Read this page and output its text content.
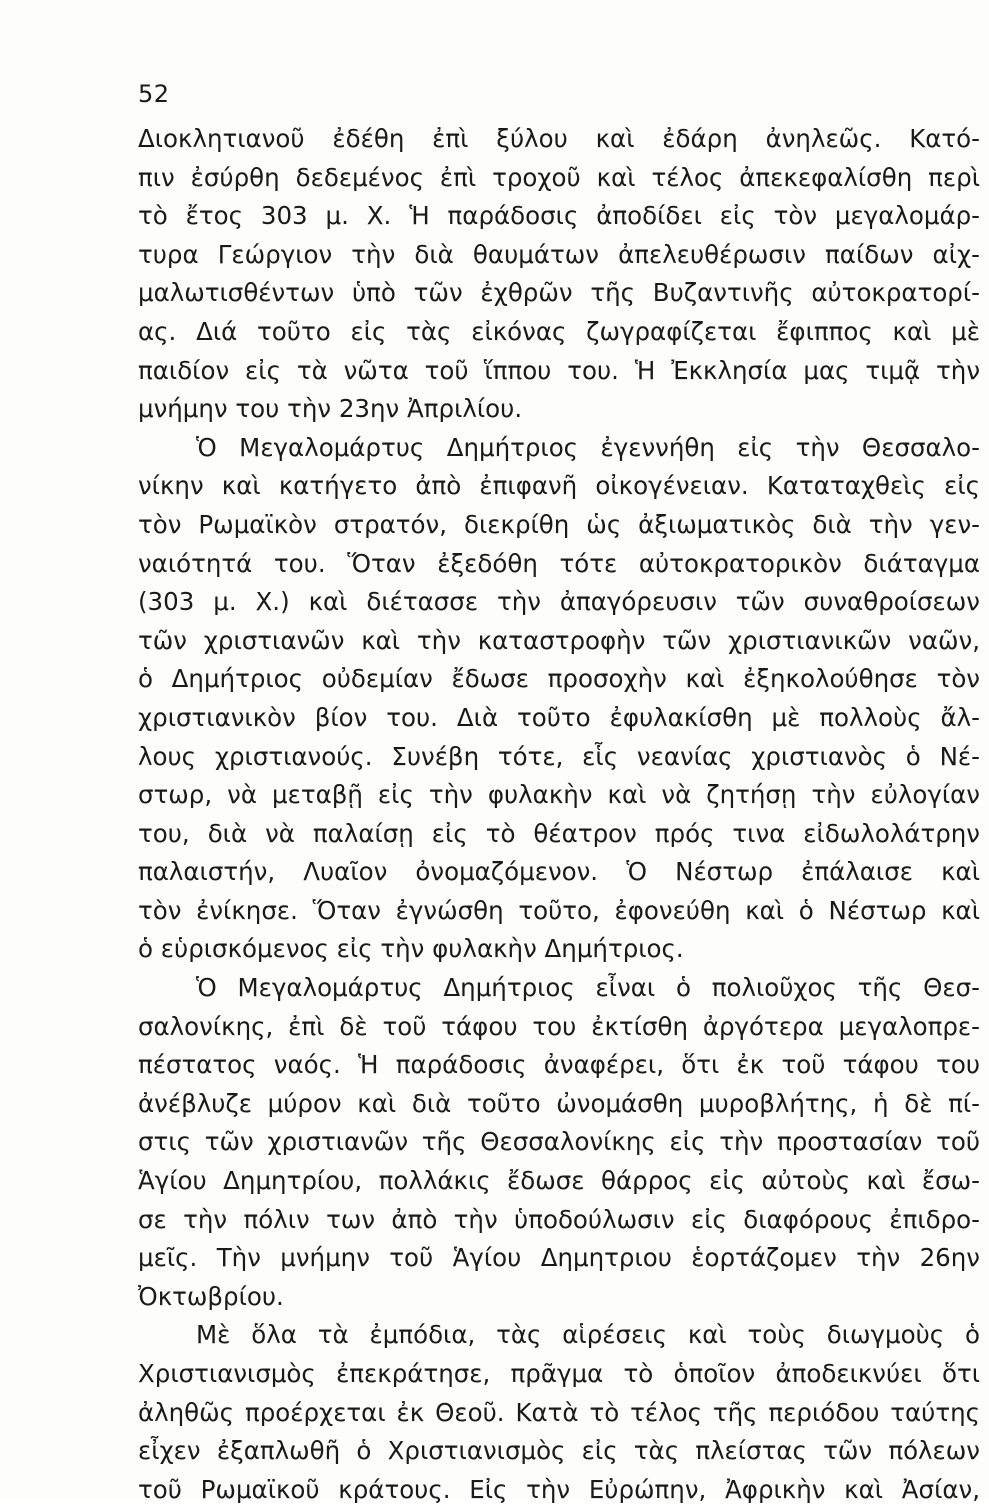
52
Διοκλητιανοῦ ἐδέθη ἐπὶ ξύλου καὶ ἐδάρη ἀνηλεῶς. Κατό-
πιν ἐσύρθη δεδεμένος ἐπὶ τροχοῦ καὶ τέλος ἀπεκεφαλίσθη περὶ
τὸ ἔτος 303 μ. Χ. Ἡ παράδοσις ἀποδίδει εἰς τὸν μεγαλομάρ-
τυρα Γεώργιον τὴν διὰ θαυμάτων ἀπελευθέρωσιν παίδων αἰχ-
μαλωτισθέντων ὑπὸ τῶν ἐχθρῶν τῆς Βυζαντινῆς αὐτοκρατορί-
ας. Διά τοῦτο εἰς τὰς εἰκόνας ζωγραφίζεται ἔφιππος καὶ μὲ
παιδίον εἰς τὰ νῶτα τοῦ ἵππου του. Ἡ Ἐκκλησία μας τιμᾷ τὴν
μνήμην του τὴν 23ην Ἀπριλίου.
Ὁ Μεγαλομάρτυς Δημήτριος ἐγεννήθη εἰς τὴν Θεσσαλο-
νίκην καὶ κατήγετο ἀπὸ ἐπιφανῆ οἰκογένειαν. Καταταχθεὶς εἰς
τὸν Ρωμαϊκὸν στρατόν, διεκρίθη ὡς ἀξιωματικὸς διὰ τὴν γεν-
ναιότητά του. Ὅταν ἐξεδόθη τότε αὐτοκρατορικὸν διάταγμα
(303 μ. Χ.) καὶ διέτασσε τὴν ἀπαγόρευσιν τῶν συναθροίσεων
τῶν χριστιανῶν καὶ τὴν καταστροφὴν τῶν χριστιανικῶν ναῶν,
ὁ Δημήτριος οὐδεμίαν ἔδωσε προσοχὴν καὶ ἐξηκολούθησε τὸν
χριστιανικὸν βίον του. Διὰ τοῦτο ἐφυλακίσθη μὲ πολλοὺς ἄλ-
λους χριστιανούς. Συνέβη τότε, εἷς νεανίας χριστιανὸς ὁ Νέ-
στωρ, νὰ μεταβῇ εἰς τὴν φυλακὴν καὶ νὰ ζητήσῃ τὴν εὐλογίαν
του, διὰ νὰ παλαίσῃ εἰς τὸ θέατρον πρός τινα εἰδωλολάτρην
παλαιστήν, Λυαῖον ὀνομαζόμενον. Ὁ Νέστωρ ἐπάλαισε καὶ
τὸν ἐνίκησε. Ὅταν ἐγνώσθη τοῦτο, ἐφονεύθη καὶ ὁ Νέστωρ καὶ
ὁ εὑρισκόμενος εἰς τὴν φυλακὴν Δημήτριος.
Ὁ Μεγαλομάρτυς Δημήτριος εἶναι ὁ πολιοῦχος τῆς Θεσ-
σαλονίκης, ἐπὶ δὲ τοῦ τάφου του ἐκτίσθη ἀργότερα μεγαλοπρε-
πέστατος ναός. Ἡ παράδοσις ἀναφέρει, ὅτι ἐκ τοῦ τάφου του
ἀνέβλυζε μύρον καὶ διὰ τοῦτο ὠνομάσθη μυροβλήτης, ἡ δὲ πί-
στις τῶν χριστιανῶν τῆς Θεσσαλονίκης εἰς τὴν προστασίαν τοῦ
Ἁγίου Δημητρίου, πολλάκις ἔδωσε θάρρος εἰς αὐτοὺς καὶ ἔσω-
σε τὴν πόλιν των ἀπὸ τὴν ὑποδούλωσιν εἰς διαφόρους ἐπιδρο-
μεῖς. Τὴν μνήμην τοῦ Ἁγίου Δημητριου ἑορτάζομεν τὴν 26ην
Ὀκτωβρίου.
Μὲ ὅλα τὰ ἐμπόδια, τὰς αἱρέσεις καὶ τοὺς διωγμοὺς ὁ
Χριστιανισμὸς ἐπεκράτησε, πρᾶγμα τὸ ὁποῖον ἀποδεικνύει ὅτι
ἀληθῶς προέρχεται ἐκ Θεοῦ. Κατὰ τὸ τέλος τῆς περιόδου ταύτης
εἶχεν ἐξαπλωθῆ ὁ Χριστιανισμὸς εἰς τὰς πλείστας τῶν πόλεων
τοῦ Ρωμαϊκοῦ κράτους. Εἰς τὴν Εὐρώπην, Ἀφρικὴν καὶ Ἀσίαν,
